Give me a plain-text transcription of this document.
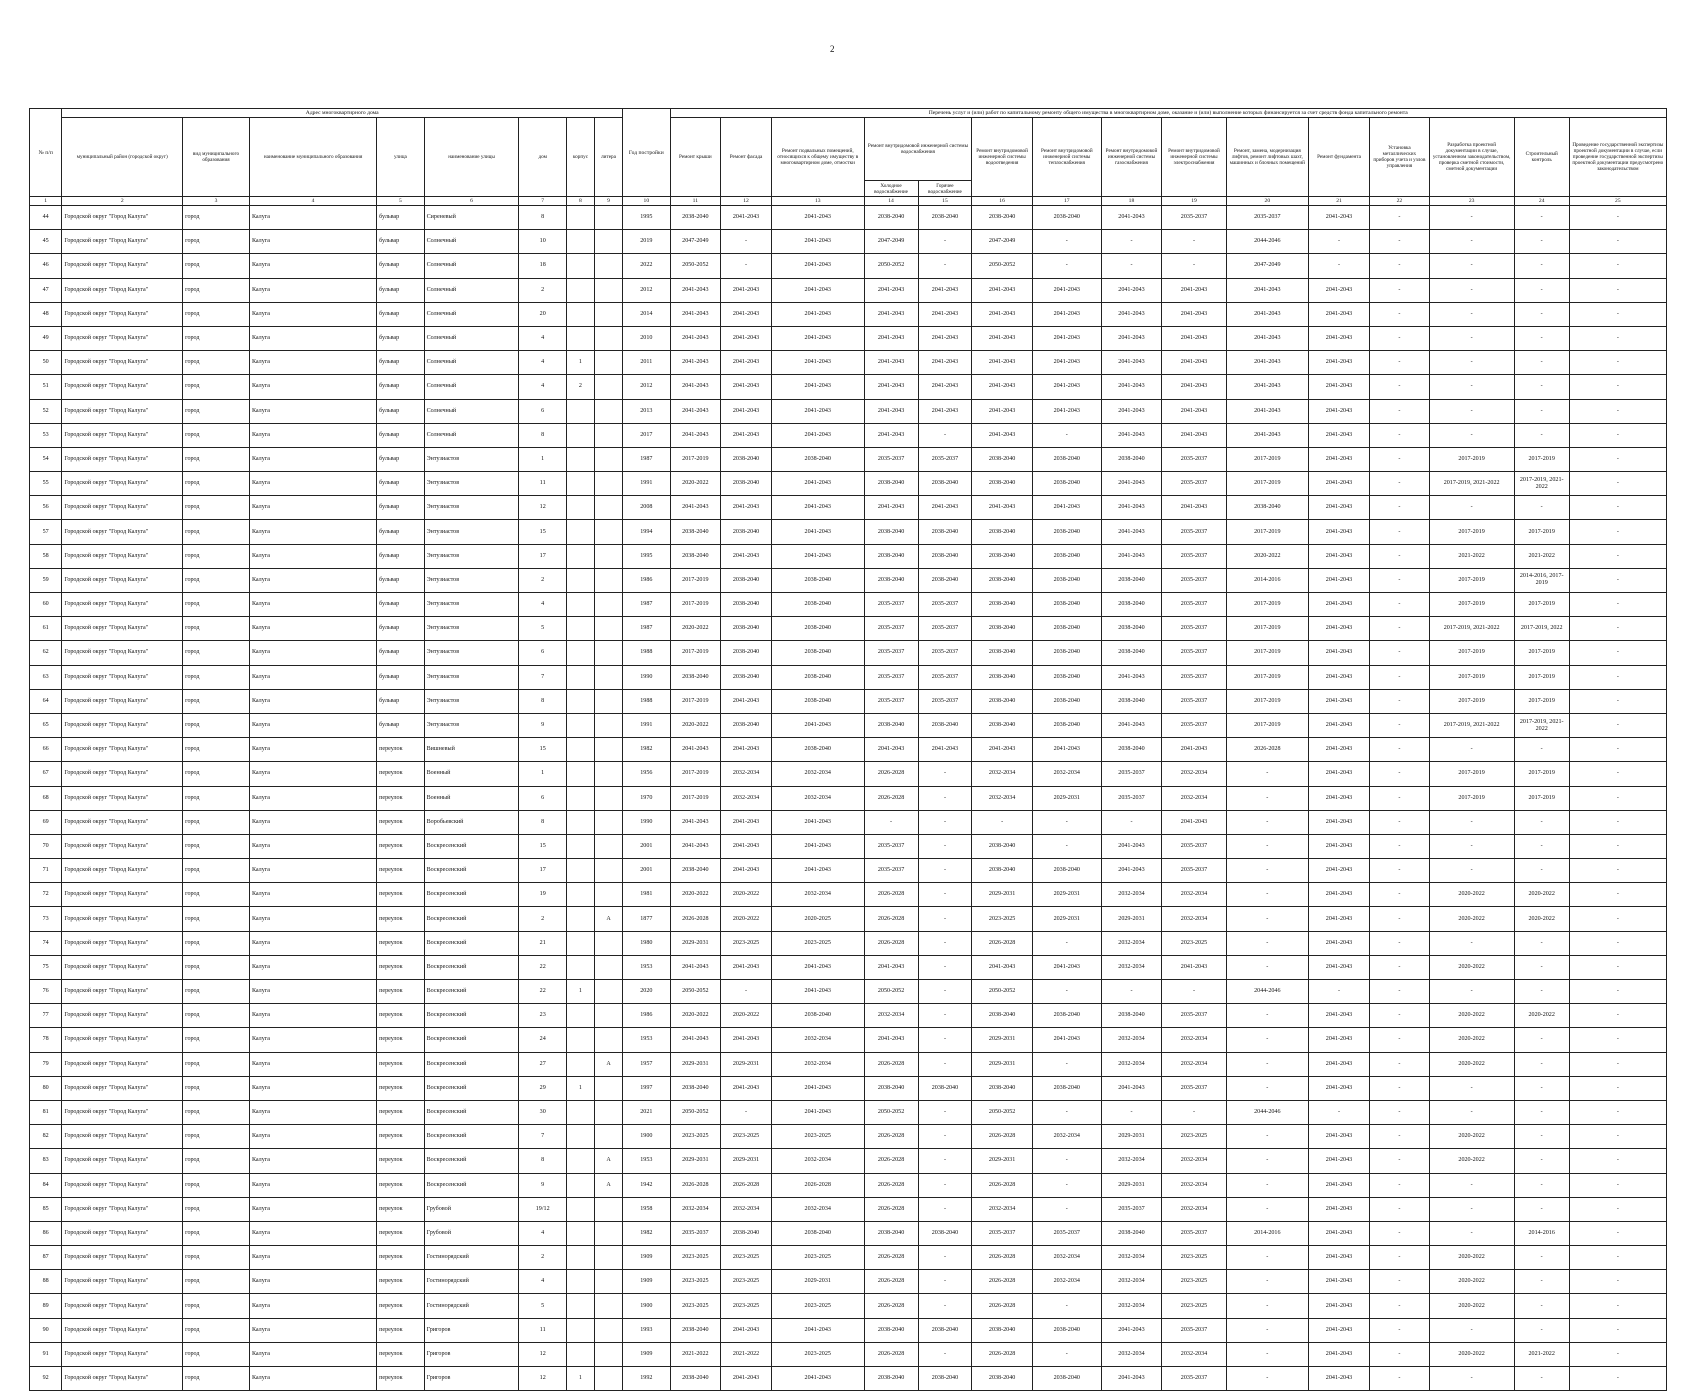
2
№ п/п	Адрес многоквартирного дома								Год постройки	Перечень услуг и (или) работ по капитальному ремонту общего имущества в многоквартирном доме, оказание и (или) выполнение которых финансируется за счет средств фонда капитального ремонта														
	муниципальный район (городской округ)	вид муниципального образования	наименование муниципального образования	улица	наименование улицы	дом	корпус	литера		Ремонт крыши	Ремонт фасада	Ремонт подвальных помещений, относящихся к общему имуществу в многоквартирном доме, отмостки	Ремонт внутридомовой инженерной системы водоснабжения		Ремонт внутридомовой инженерной системы водоотведения	Ремонт внутридомовой инженерной системы теплоснабжения	Ремонт внутридомовой инженерной системы газоснабжения	Ремонт внутридомовой инженерной системы электроснабжения	Ремонт, замена, модернизация лифтов, ремонт лифтовых шахт, машинных и блочных помещений	Ремонт фундамента	Установка металлических приборов учета и узлов управления	Разработка проектной документации в случае, установленном законодательством, проверка сметной стоимости, сметной документации	Строительный контроль	Проведение государственной экспертизы проектной документации в случае, если проведение государственной экспертизы проектной документации предусмотрено законодательством
													Холодное водоснабжение	Горячее водоснабжение										
1	2	3	4	5	6	7	8	9	10	11	12	13	14	15	16	17	18	19	20	21	22	23	24	25
44	Городской округ "Город Калуга"	город	Калуга	бульвар	Сиреневый	8			1995	2038-2040	2041-2043	2041-2043	2038-2040	2038-2040	2038-2040	2038-2040	2041-2043	2035-2037	2035-2037	2041-2043	-	-	-	-
45	Городской округ "Город Калуга"	город	Калуга	бульвар	Солнечный	10			2019	2047-2049	-	2041-2043	2047-2049	-	2047-2049	-	-	-	2044-2046	-	-	-	-	-
46	Городской округ "Город Калуга"	город	Калуга	бульвар	Солнечный	18			2022	2050-2052	-	2041-2043	2050-2052	-	2050-2052	-	-	-	2047-2049	-	-	-	-	-
47	Городской округ "Город Калуга"	город	Калуга	бульвар	Солнечный	2			2012	2041-2043	2041-2043	2041-2043	2041-2043	2041-2043	2041-2043	2041-2043	2041-2043	2041-2043	2041-2043	2041-2043	-	-	-	-
48	Городской округ "Город Калуга"	город	Калуга	бульвар	Солнечный	20			2014	2041-2043	2041-2043	2041-2043	2041-2043	2041-2043	2041-2043	2041-2043	2041-2043	2041-2043	2041-2043	2041-2043	-	-	-	-
49	Городской округ "Город Калуга"	город	Калуга	бульвар	Солнечный	4			2010	2041-2043	2041-2043	2041-2043	2041-2043	2041-2043	2041-2043	2041-2043	2041-2043	2041-2043	2041-2043	2041-2043	-	-	-	-
50	Городской округ "Город Калуга"	город	Калуга	бульвар	Солнечный	4	1		2011	2041-2043	2041-2043	2041-2043	2041-2043	2041-2043	2041-2043	2041-2043	2041-2043	2041-2043	2041-2043	2041-2043	-	-	-	-
51	Городской округ "Город Калуга"	город	Калуга	бульвар	Солнечный	4	2		2012	2041-2043	2041-2043	2041-2043	2041-2043	2041-2043	2041-2043	2041-2043	2041-2043	2041-2043	2041-2043	2041-2043	-	-	-	-
52	Городской округ "Город Калуга"	город	Калуга	бульвар	Солнечный	6			2013	2041-2043	2041-2043	2041-2043	2041-2043	2041-2043	2041-2043	2041-2043	2041-2043	2041-2043	2041-2043	2041-2043	-	-	-	-
53	Городской округ "Город Калуга"	город	Калуга	бульвар	Солнечный	8			2017	2041-2043	2041-2043	2041-2043	2041-2043	-	2041-2043	-	2041-2043	2041-2043	2041-2043	2041-2043	-	-	-	-
54	Городской округ "Город Калуга"	город	Калуга	бульвар	Энтузиастов	1			1987	2017-2019	2038-2040	2038-2040	2035-2037	2035-2037	2038-2040	2038-2040	2038-2040	2035-2037	2017-2019	2041-2043	-	2017-2019	2017-2019	-
55	Городской округ "Город Калуга"	город	Калуга	бульвар	Энтузиастов	11			1991	2020-2022	2038-2040	2041-2043	2038-2040	2038-2040	2038-2040	2038-2040	2041-2043	2035-2037	2017-2019	2041-2043	-	2017-2019, 2021-2022	2017-2019, 2021-2022	-
56	Городской округ "Город Калуга"	город	Калуга	бульвар	Энтузиастов	12			2008	2041-2043	2041-2043	2041-2043	2041-2043	2041-2043	2041-2043	2041-2043	2041-2043	2041-2043	2038-2040	2041-2043	-	-	-	-
57	Городской округ "Город Калуга"	город	Калуга	бульвар	Энтузиастов	15			1994	2038-2040	2038-2040	2041-2043	2038-2040	2038-2040	2038-2040	2038-2040	2041-2043	2035-2037	2017-2019	2041-2043	-	2017-2019	2017-2019	-
58	Городской округ "Город Калуга"	город	Калуга	бульвар	Энтузиастов	17			1995	2038-2040	2041-2043	2041-2043	2038-2040	2038-2040	2038-2040	2038-2040	2041-2043	2035-2037	2020-2022	2041-2043	-	2021-2022	2021-2022	-
59	Городской округ "Город Калуга"	город	Калуга	бульвар	Энтузиастов	2			1986	2017-2019	2038-2040	2038-2040	2038-2040	2038-2040	2038-2040	2038-2040	2038-2040	2035-2037	2014-2016	2041-2043	-	2017-2019	2014-2016, 2017-2019	-
60	Городской округ "Город Калуга"	город	Калуга	бульвар	Энтузиастов	4			1987	2017-2019	2038-2040	2038-2040	2035-2037	2035-2037	2038-2040	2038-2040	2038-2040	2035-2037	2017-2019	2041-2043	-	2017-2019	2017-2019	-
61	Городской округ "Город Калуга"	город	Калуга	бульвар	Энтузиастов	5			1987	2020-2022	2038-2040	2038-2040	2035-2037	2035-2037	2038-2040	2038-2040	2038-2040	2035-2037	2017-2019	2041-2043	-	2017-2019, 2021-2022	2017-2019, 2022	-
62	Городской округ "Город Калуга"	город	Калуга	бульвар	Энтузиастов	6			1988	2017-2019	2038-2040	2038-2040	2035-2037	2035-2037	2038-2040	2038-2040	2038-2040	2035-2037	2017-2019	2041-2043	-	2017-2019	2017-2019	-
63	Городской округ "Город Калуга"	город	Калуга	бульвар	Энтузиастов	7			1990	2038-2040	2038-2040	2038-2040	2035-2037	2035-2037	2038-2040	2038-2040	2041-2043	2035-2037	2017-2019	2041-2043	-	2017-2019	2017-2019	-
64	Городской округ "Город Калуга"	город	Калуга	бульвар	Энтузиастов	8			1988	2017-2019	2041-2043	2038-2040	2035-2037	2035-2037	2038-2040	2038-2040	2038-2040	2035-2037	2017-2019	2041-2043	-	2017-2019	2017-2019	-
65	Городской округ "Город Калуга"	город	Калуга	бульвар	Энтузиастов	9			1991	2020-2022	2038-2040	2041-2043	2038-2040	2038-2040	2038-2040	2038-2040	2041-2043	2035-2037	2017-2019	2041-2043	-	2017-2019, 2021-2022	2017-2019, 2021-2022	-
66	Городской округ "Город Калуга"	город	Калуга	переулок	Вишневый	15			1982	2041-2043	2041-2043	2038-2040	2041-2043	2041-2043	2041-2043	2041-2043	2038-2040	2041-2043	2026-2028	2041-2043	-	-	-	-
67	Городской округ "Город Калуга"	город	Калуга	переулок	Военный	1			1956	2017-2019	2032-2034	2032-2034	2026-2028	-	2032-2034	2032-2034	2035-2037	2032-2034	-	2041-2043	-	2017-2019	2017-2019	-
68	Городской округ "Город Калуга"	город	Калуга	переулок	Военный	6			1970	2017-2019	2032-2034	2032-2034	2026-2028	-	2032-2034	2029-2031	2035-2037	2032-2034	-	2041-2043	-	2017-2019	2017-2019	-
69	Городской округ "Город Калуга"	город	Калуга	переулок	Воробьевский	8			1990	2041-2043	2041-2043	2041-2043	-	-	-	-	-	2041-2043	-	2041-2043	-	-	-	-
70	Городской округ "Город Калуга"	город	Калуга	переулок	Воскресенский	15			2001	2041-2043	2041-2043	2041-2043	2035-2037	-	2038-2040	-	2041-2043	2035-2037	-	2041-2043	-	-	-	-
71	Городской округ "Город Калуга"	город	Калуга	переулок	Воскресенский	17			2001	2038-2040	2041-2043	2041-2043	2035-2037	-	2038-2040	2038-2040	2041-2043	2035-2037	-	2041-2043	-	-	-	-
72	Городской округ "Город Калуга"	город	Калуга	переулок	Воскресенский	19			1981	2020-2022	2020-2022	2032-2034	2026-2028	-	2029-2031	2029-2031	2032-2034	2032-2034	-	2041-2043	-	2020-2022	2020-2022	-
73	Городской округ "Город Калуга"	город	Калуга	переулок	Воскресенский	2		А	1877	2026-2028	2020-2022	2020-2025	2026-2028	-	2023-2025	2029-2031	2029-2031	2032-2034	-	2041-2043	-	2020-2022	2020-2022	-
74	Городской округ "Город Калуга"	город	Калуга	переулок	Воскресенский	21			1980	2029-2031	2023-2025	2023-2025	2026-2028	-	2026-2028	-	2032-2034	2023-2025	-	2041-2043	-	-	-	-
75	Городской округ "Город Калуга"	город	Калуга	переулок	Воскресенский	22			1953	2041-2043	2041-2043	2041-2043	2041-2043	-	2041-2043	2041-2043	2032-2034	2041-2043	-	2041-2043	-	2020-2022	-	-
76	Городской округ "Город Калуга"	город	Калуга	переулок	Воскресенский	22	1		2020	2050-2052	-	2041-2043	2050-2052	-	2050-2052	-	-	-	2044-2046	-	-	-	-	-
77	Городской округ "Город Калуга"	город	Калуга	переулок	Воскресенский	23			1986	2020-2022	2020-2022	2038-2040	2032-2034	-	2038-2040	2038-2040	2038-2040	2035-2037	-	2041-2043	-	2020-2022	2020-2022	-
78	Городской округ "Город Калуга"	город	Калуга	переулок	Воскресенский	24			1953	2041-2043	2041-2043	2032-2034	2041-2043	-	2029-2031	2041-2043	2032-2034	2032-2034	-	2041-2043	-	2020-2022	-	-
79	Городской округ "Город Калуга"	город	Калуга	переулок	Воскресенский	27		А	1957	2029-2031	2029-2031	2032-2034	2026-2028	-	2029-2031	-	2032-2034	2032-2034	-	2041-2043	-	2020-2022	-	-
80	Городской округ "Город Калуга"	город	Калуга	переулок	Воскресенский	29	1		1997	2038-2040	2041-2043	2041-2043	2038-2040	2038-2040	2038-2040	2038-2040	2041-2043	2035-2037	-	2041-2043	-	-	-	-
81	Городской округ "Город Калуга"	город	Калуга	переулок	Воскресенский	30			2021	2050-2052	-	2041-2043	2050-2052	-	2050-2052	-	-	-	2044-2046	-	-	-	-	-
82	Городской округ "Город Калуга"	город	Калуга	переулок	Воскресенский	7			1900	2023-2025	2023-2025	2023-2025	2026-2028	-	2026-2028	2032-2034	2029-2031	2023-2025	-	2041-2043	-	2020-2022	-	-
83	Городской округ "Город Калуга"	город	Калуга	переулок	Воскресенский	8		А	1953	2029-2031	2029-2031	2032-2034	2026-2028	-	2029-2031	-	2032-2034	2032-2034	-	2041-2043	-	2020-2022	-	-
84	Городской округ "Город Калуга"	город	Калуга	переулок	Воскресенский	9		А	1942	2026-2028	2026-2028	2026-2028	2026-2028	-	2026-2028	-	2029-2031	2032-2034	-	2041-2043	-	-	-	-
85	Городской округ "Город Калуга"	город	Калуга	переулок	Грубовой	19/12			1958	2032-2034	2032-2034	2032-2034	2026-2028	-	2032-2034	-	2035-2037	2032-2034	-	2041-2043	-	-	-	-
86	Городской округ "Город Калуга"	город	Калуга	переулок	Грубовой	4			1982	2035-2037	2038-2040	2038-2040	2038-2040	2038-2040	2035-2037	2035-2037	2038-2040	2035-2037	2014-2016	2041-2043	-	-	2014-2016	-
87	Городской округ "Город Калуга"	город	Калуга	переулок	Гостинорядский	2			1909	2023-2025	2023-2025	2023-2025	2026-2028	-	2026-2028	2032-2034	2032-2034	2023-2025	-	2041-2043	-	2020-2022	-	-
88	Городской округ "Город Калуга"	город	Калуга	переулок	Гостинорядский	4			1909	2023-2025	2023-2025	2029-2031	2026-2028	-	2026-2028	2032-2034	2032-2034	2023-2025	-	2041-2043	-	2020-2022	-	-
89	Городской округ "Город Калуга"	город	Калуга	переулок	Гостинорядский	5			1900	2023-2025	2023-2025	2023-2025	2026-2028	-	2026-2028	-	2032-2034	2023-2025	-	2041-2043	-	2020-2022	-	-
90	Городской округ "Город Калуга"	город	Калуга	переулок	Григоров	11			1993	2038-2040	2041-2043	2041-2043	2038-2040	2038-2040	2038-2040	2038-2040	2041-2043	2035-2037	-	2041-2043	-	-	-	-
91	Городской округ "Город Калуга"	город	Калуга	переулок	Григоров	12			1909	2021-2022	2021-2022	2023-2025	2026-2028	-	2026-2028	-	2032-2034	2032-2034	-	2041-2043	-	2020-2022	2021-2022	-
92	Городской округ "Город Калуга"	город	Калуга	переулок	Григоров	12	1		1992	2038-2040	2041-2043	2041-2043	2038-2040	2038-2040	2038-2040	2038-2040	2041-2043	2035-2037	-	2041-2043	-	-	-	-
